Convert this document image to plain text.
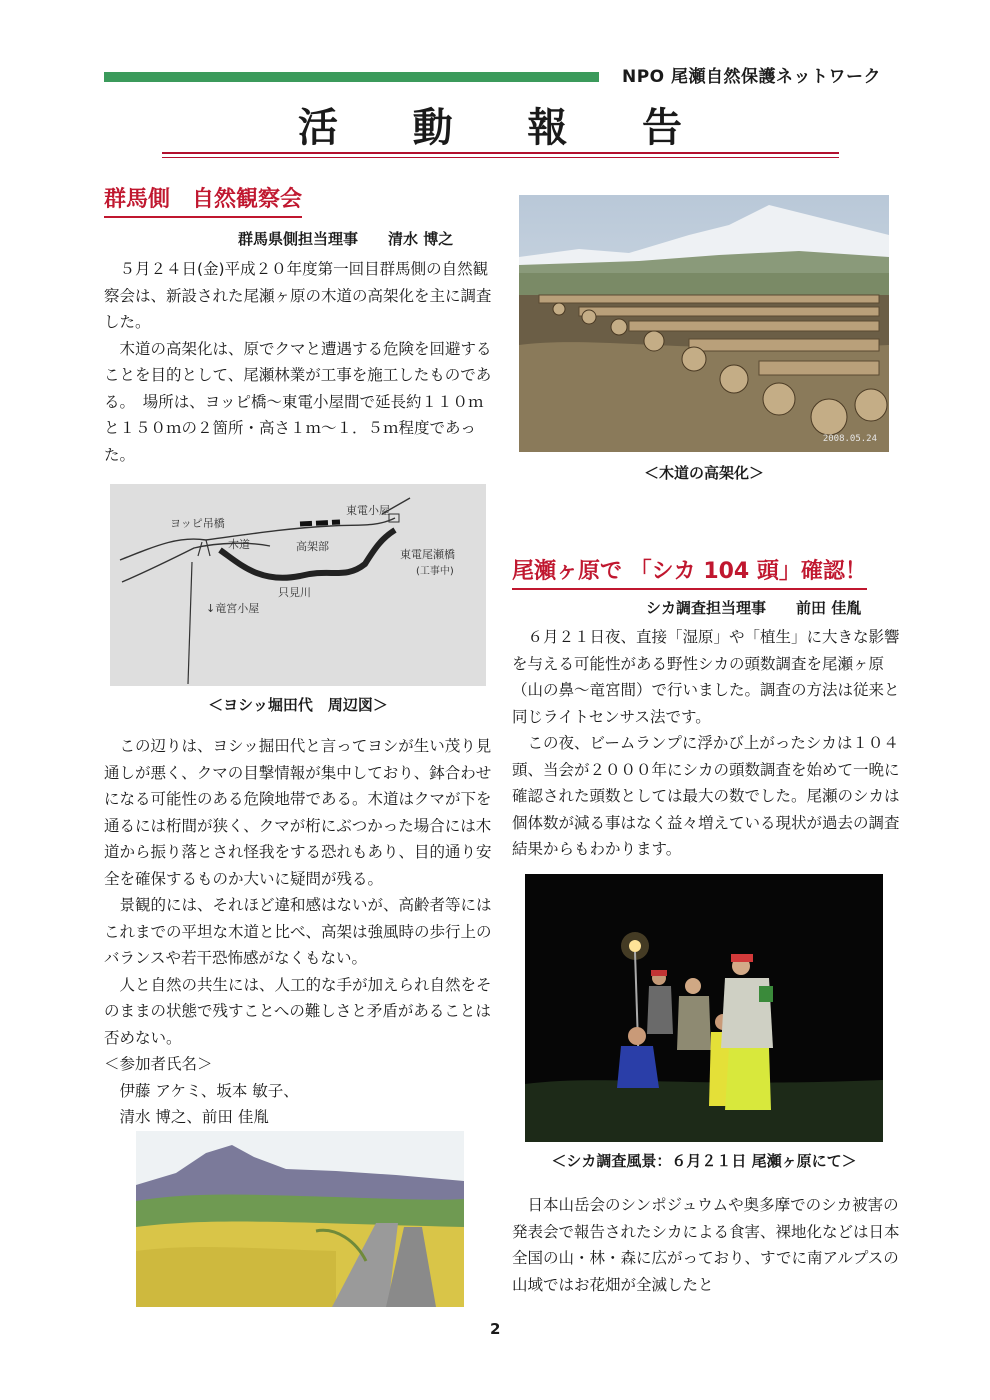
NPO 尾瀬自然保護ネットワーク
活 動 報 告
群馬側　自然観察会
群馬県側担当理事　　清水 博之

　５月２４日(金)平成２０年度第一回目群馬側の自然観察会は、新設された尾瀬ヶ原の木道の高架化を主に調査した。

　木道の高架化は、原でクマと遭遇する危険を回避することを目的として、尾瀬林業が工事を施工したものである。　場所は、ヨッピ橋〜東電小屋間で延長約１１０ｍと１５０ｍの２箇所・高さ１ｍ〜１．５ｍ程度であった。

ヨッピ吊橋
木道	高架部
東電小屋
東電尾瀬橋
(工事中)
只見川
↓竜宮小屋
＜ヨシッ堀田代　周辺図＞

　この辺りは、ヨシッ掘田代と言ってヨシが生い茂り見通しが悪く、クマの目撃情報が集中しており、鉢合わせになる可能性のある危険地帯である。木道はクマが下を通るには桁間が狭く、クマが桁にぶつかった場合には木道から振り落とされ怪我をする恐れもあり、目的通り安全を確保するものか大いに疑問が残る。

　景観的には、それほど違和感はないが、高齢者等にはこれまでの平坦な木道と比べ、高架は強風時の歩行上のバランスや若干恐怖感がなくもない。

　人と自然の共生には、人工的な手が加えられ自然をそのままの状態で残すことへの難しさと矛盾があることは否めない。

＜参加者氏名＞

　伊藤 アケミ、坂本 敏子、

　清水 博之、前田 佳胤

2008.05.24
＜木道の高架化＞
尾瀬ヶ原で 「シカ 104 頭」確認！
シカ調査担当理事　　前田 佳胤

　６月２１日夜、直接「湿原」や「植生」に大きな影響を与える可能性がある野性シカの頭数調査を尾瀬ヶ原（山の鼻〜竜宮間）で行いました。調査の方法は従来と同じライトセンサス法です。

　この夜、ビームランプに浮かび上がったシカは１０４頭、当会が２０００年にシカの頭数調査を始めて一晩に確認された頭数としては最大の数でした。尾瀬のシカは個体数が減る事はなく益々増えている現状が過去の調査結果からもわかります。

＜シカ調査風景：６月２１日 尾瀬ヶ原にて＞

　日本山岳会のシンポジュウムや奥多摩でのシカ被害の発表会で報告されたシカによる食害、裸地化などは日本全国の山・林・森に広がっており、すでに南アルプスの山域ではお花畑が全滅したと

2
